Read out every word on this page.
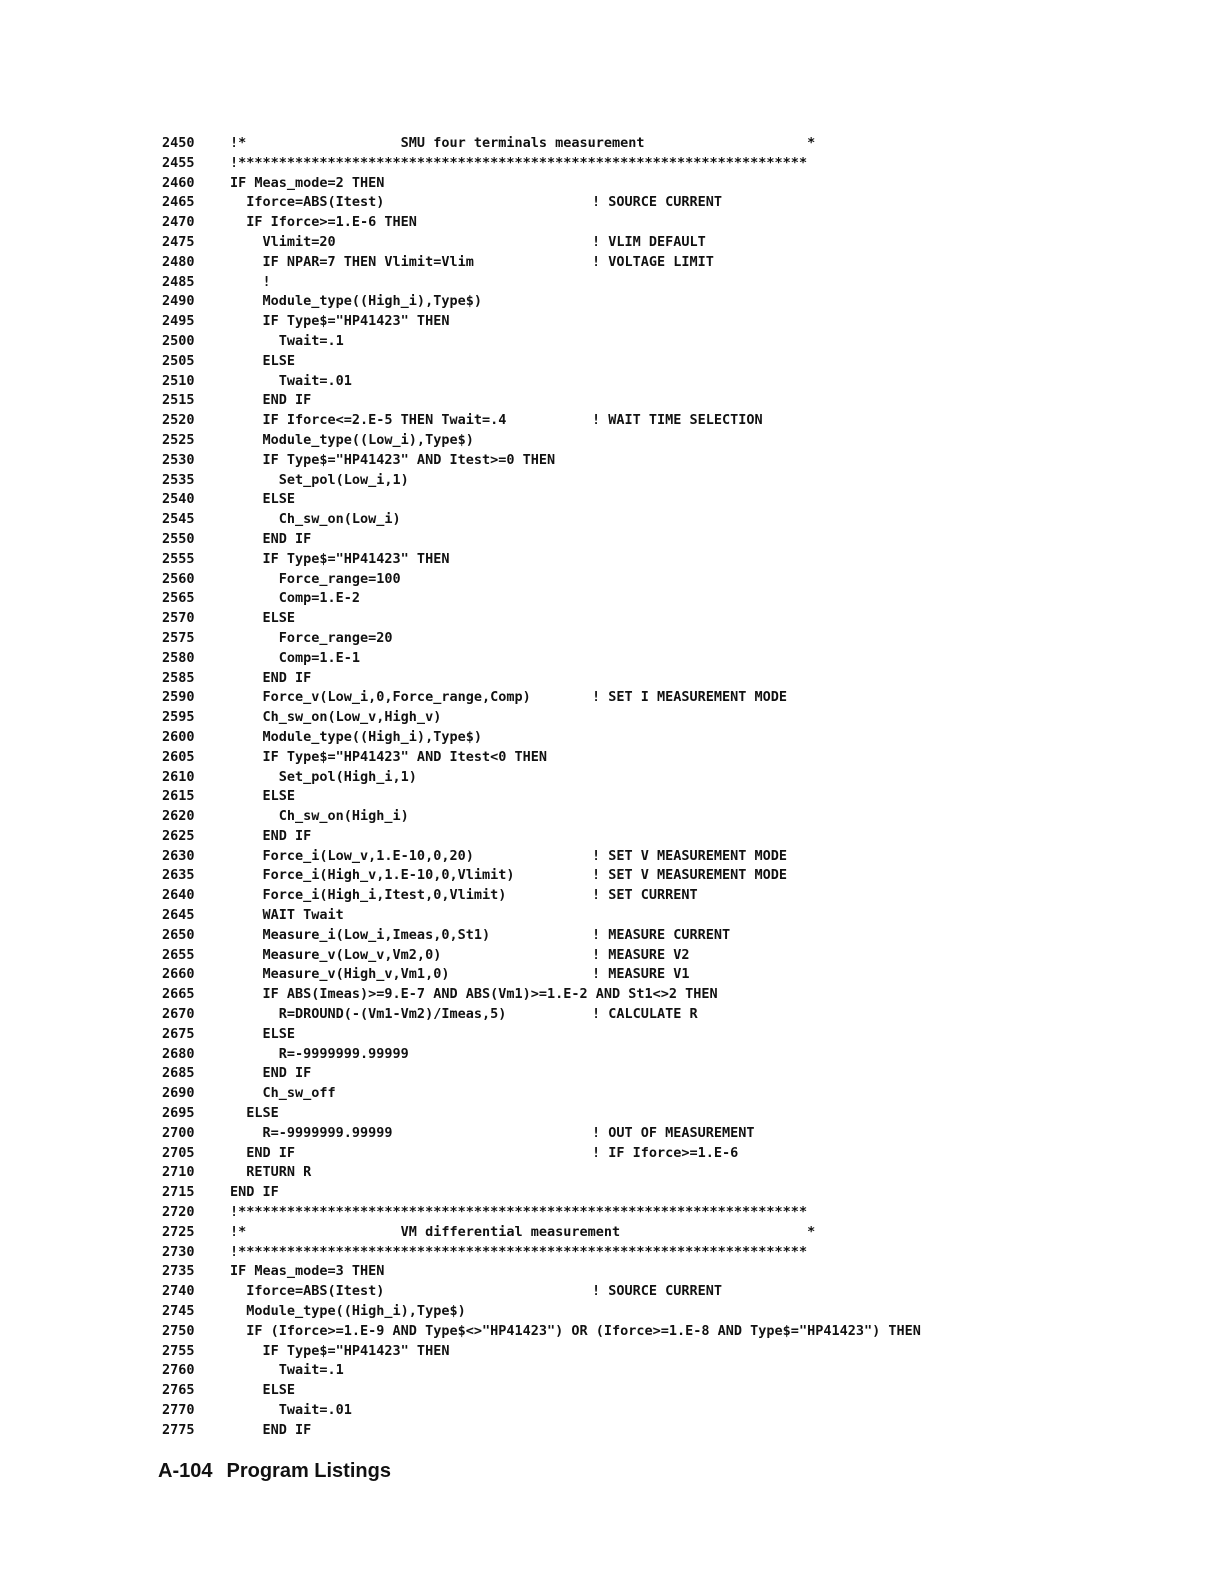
2450	!*                   SMU four terminals measurement                    *
2455	!**********************************************************************
2460	IF Meas_mode=2 THEN
2465	Iforce=ABS(Itest)	! SOURCE CURRENT
2470	IF Iforce>=1.E-6 THEN
2475	Vlimit=20	! VLIM DEFAULT
2480	IF NPAR=7 THEN Vlimit=Vlim	! VOLTAGE LIMIT
2485	!
2490	Module_type((High_i),Type$)
2495	IF Type$="HP41423" THEN
2500	Twait=.1
2505	ELSE
2510	Twait=.01
2515	END IF
2520	IF Iforce<=2.E-5 THEN Twait=.4	! WAIT TIME SELECTION
2525	Module_type((Low_i),Type$)
2530	IF Type$="HP41423" AND Itest>=0 THEN
2535	Set_pol(Low_i,1)
2540	ELSE
2545	Ch_sw_on(Low_i)
2550	END IF
2555	IF Type$="HP41423" THEN
2560	Force_range=100
2565	Comp=1.E-2
2570	ELSE
2575	Force_range=20
2580	Comp=1.E-1
2585	END IF
2590	Force_v(Low_i,0,Force_range,Comp)	! SET I MEASUREMENT MODE
2595	Ch_sw_on(Low_v,High_v)
2600	Module_type((High_i),Type$)
2605	IF Type$="HP41423" AND Itest<0 THEN
2610	Set_pol(High_i,1)
2615	ELSE
2620	Ch_sw_on(High_i)
2625	END IF
2630	Force_i(Low_v,1.E-10,0,20)	! SET V MEASUREMENT MODE
2635	Force_i(High_v,1.E-10,0,Vlimit)	! SET V MEASUREMENT MODE
2640	Force_i(High_i,Itest,0,Vlimit)	! SET CURRENT
2645	WAIT Twait
2650	Measure_i(Low_i,Imeas,0,St1)	! MEASURE CURRENT
2655	Measure_v(Low_v,Vm2,0)	! MEASURE V2
2660	Measure_v(High_v,Vm1,0)	! MEASURE V1
2665	IF ABS(Imeas)>=9.E-7 AND ABS(Vm1)>=1.E-2 AND St1<>2 THEN
2670	R=DROUND(-(Vm1-Vm2)/Imeas,5)	! CALCULATE R
2675	ELSE
2680	R=-9999999.99999
2685	END IF
2690	Ch_sw_off
2695	ELSE
2700	R=-9999999.99999	! OUT OF MEASUREMENT
2705	END IF	! IF Iforce>=1.E-6
2710	RETURN R
2715	END IF
2720	!**********************************************************************
2725	!*                   VM differential measurement                       *
2730	!**********************************************************************
2735	IF Meas_mode=3 THEN
2740	Iforce=ABS(Itest)	! SOURCE CURRENT
2745	Module_type((High_i),Type$)
2750	IF (Iforce>=1.E-9 AND Type$<>"HP41423") OR (Iforce>=1.E-8 AND Type$="HP41423") THEN
2755	IF Type$="HP41423" THEN
2760	Twait=.1
2765	ELSE
2770	Twait=.01
2775	END IF
A-104 Program Listings
